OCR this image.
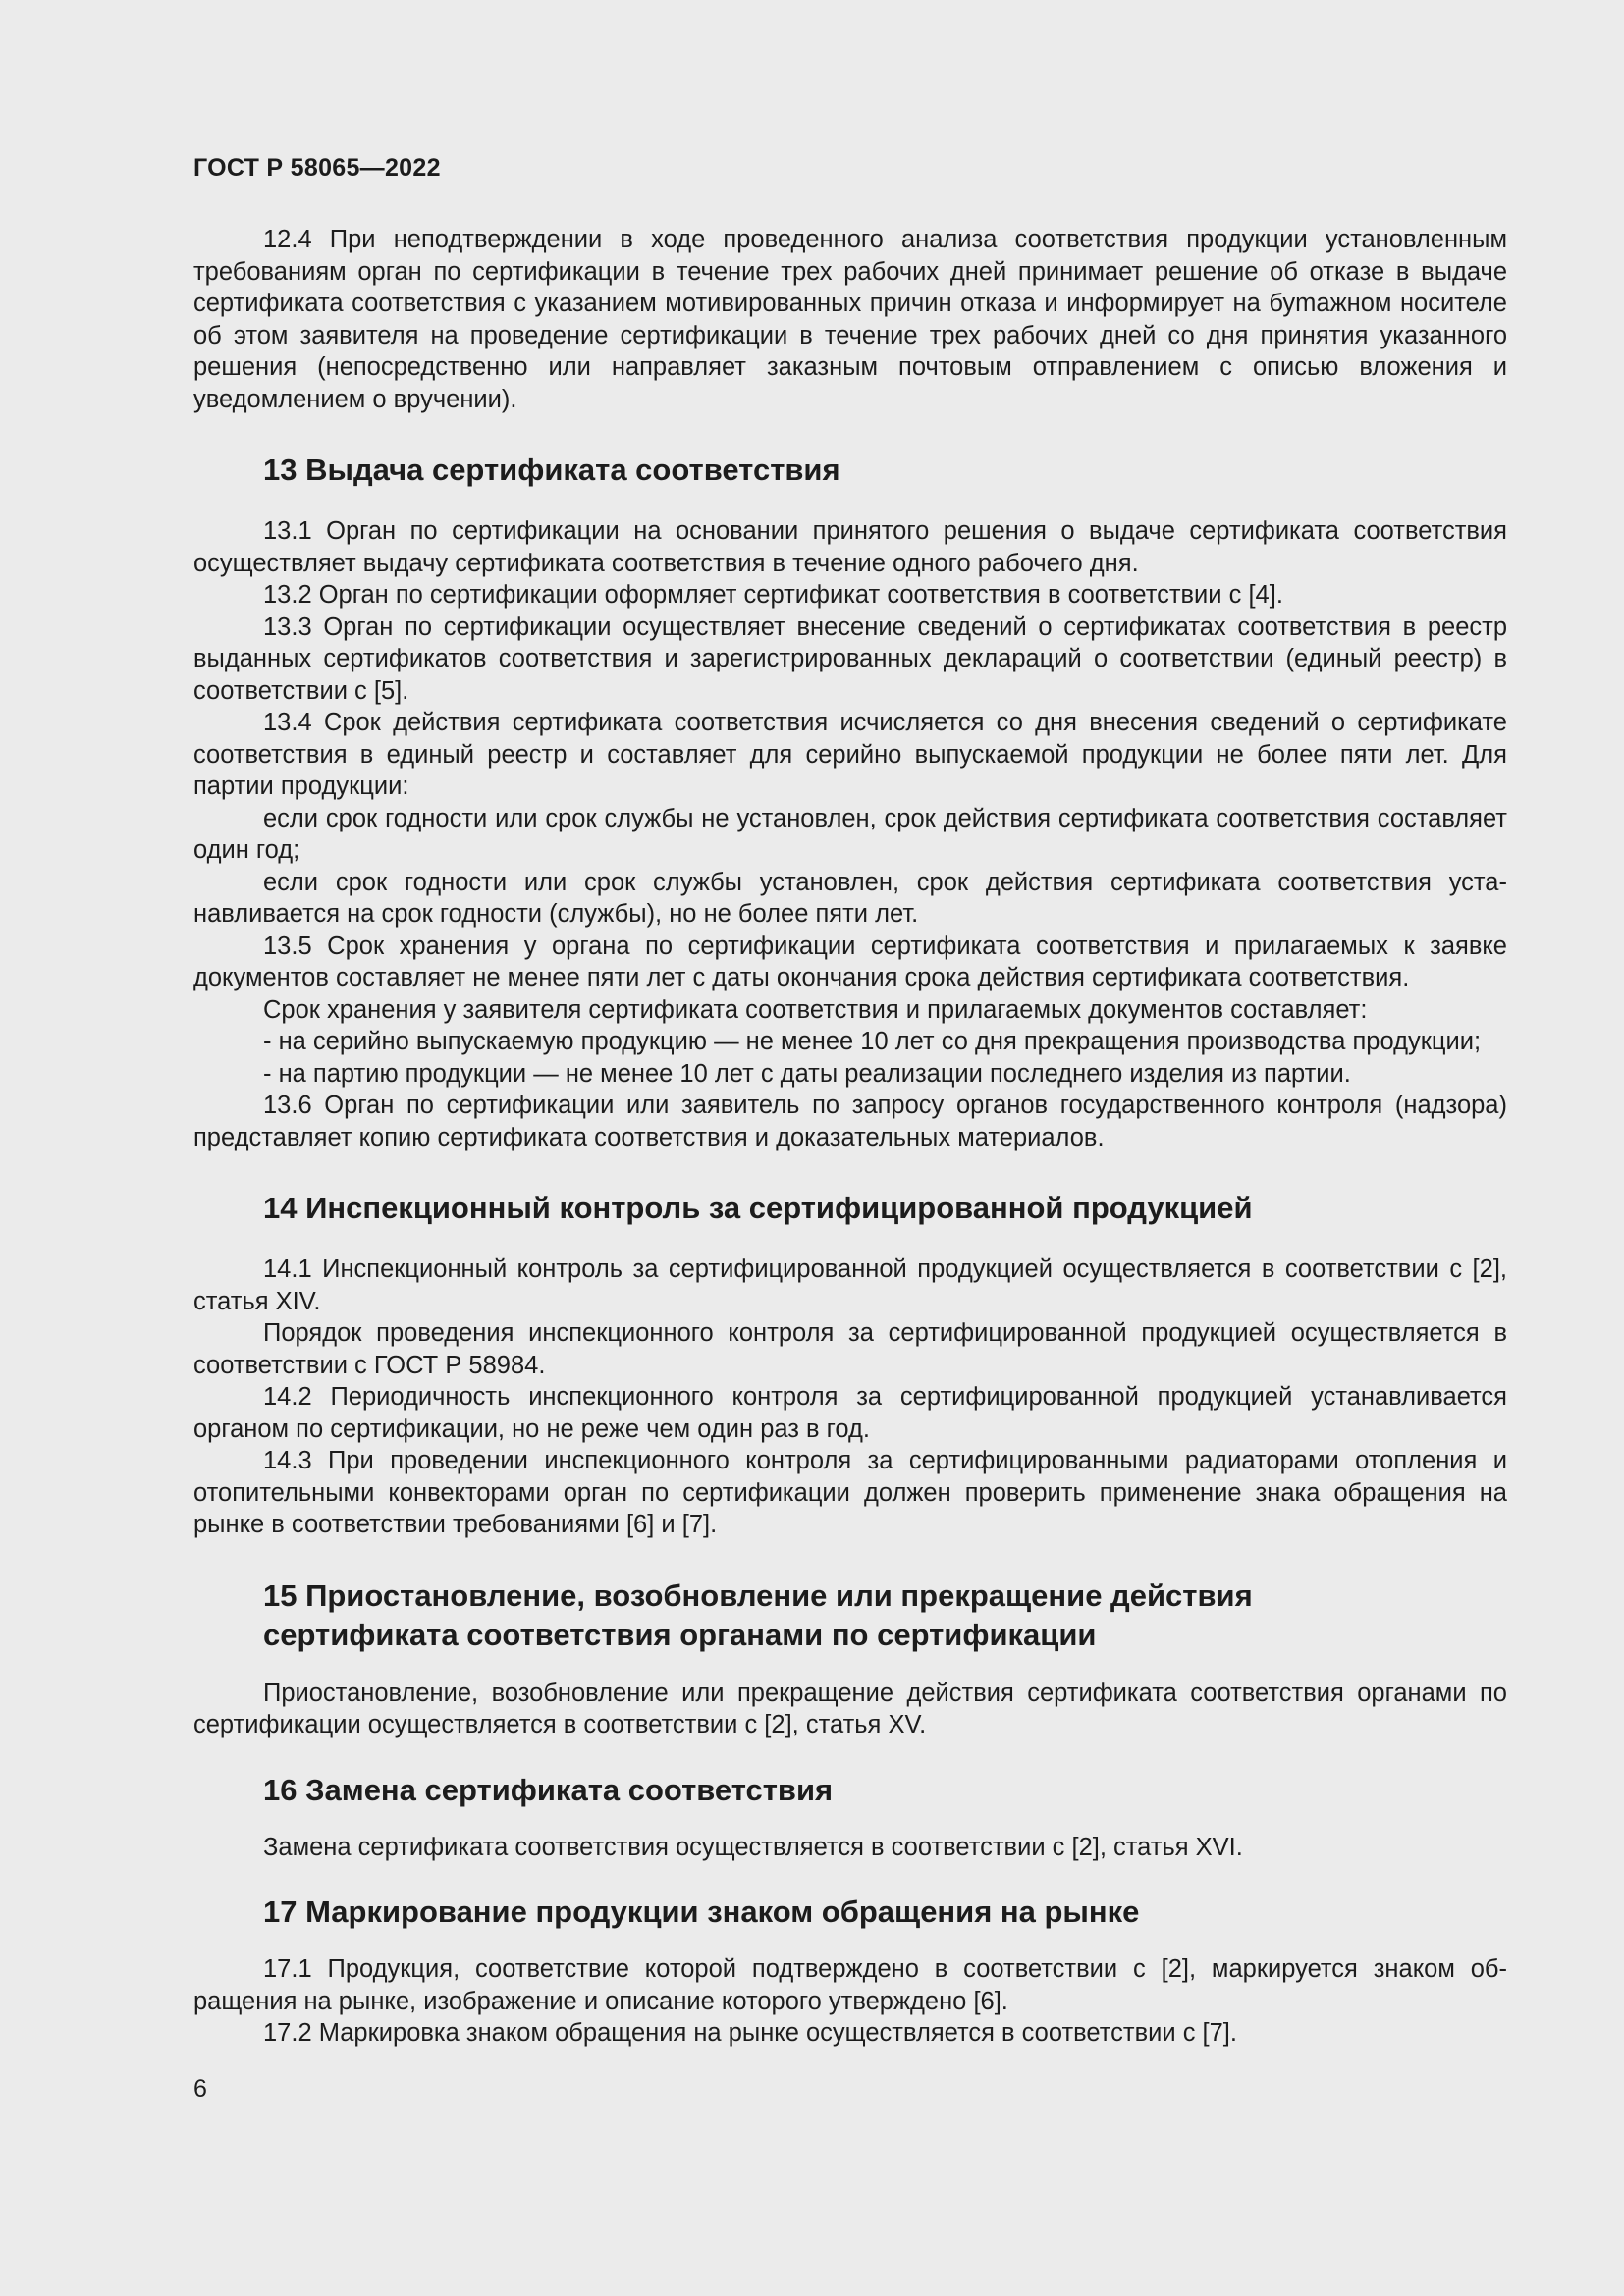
ГОСТ Р 58065—2022

12.4 При неподтверждении в ходе проведенного анализа соответствия продукции установленным требованиям орган по сертификации в течение трех рабочих дней принимает решение об отказе в выдаче сертификата соответствия с указанием мотивированных причин отказа и информирует на буmажном носителе об этом заявителя на проведение сертификации в течение трех рабочих дней со дня принятия указанного решения (непосредственно или направляет заказным почтовым отправлением с описью вложения и уведомлением о вручении).

13 Выдача сертификата соответствия

13.1 Орган по сертификации на основании принятого решения о выдаче сертификата соответствия осуществляет выдачу сертификата соответствия в течение одного рабочего дня.

13.2 Орган по сертификации оформляет сертификат соответствия в соответствии с [4].

13.3 Орган по сертификации осуществляет внесение сведений о сертификатах соответствия в реестр выданных сертификатов соответствия и зарегистрированных деклараций о соответствии (единый реестр) в соответствии с [5].

13.4 Срок действия сертификата соответствия исчисляется со дня внесения сведений о сертификате соответствия в единый реестр и составляет для серийно выпускаемой продукции не более пяти лет. Для партии продукции:

если срок годности или срок службы не установлен, срок действия сертификата соответствия составляет один год;

если срок годности или срок службы установлен, срок действия сертификата соответствия устанавливается на срок годности (службы), но не более пяти лет.

13.5 Срок хранения у органа по сертификации сертификата соответствия и прилагаемых к заявке документов составляет не менее пяти лет с даты окончания срока действия сертификата соответствия.

Срок хранения у заявителя сертификата соответствия и прилагаемых документов составляет:

- на серийно выпускаемую продукцию — не менее 10 лет со дня прекращения производства продукции;

- на партию продукции — не менее 10 лет с даты реализации последнего изделия из партии.

13.6 Орган по сертификации или заявитель по запросу органов государственного контроля (надзора) представляет копию сертификата соответствия и доказательных материалов.

14 Инспекционный контроль за сертифицированной продукцией

14.1 Инспекционный контроль за сертифицированной продукцией осуществляется в соответствии с [2], статья XIV.

Порядок проведения инспекционного контроля за сертифицированной продукцией осуществляется в соответствии с ГОСТ Р 58984.

14.2 Периодичность инспекционного контроля за сертифицированной продукцией устанавливается органом по сертификации, но не реже чем один раз в год.

14.3 При проведении инспекционного контроля за сертифицированными радиаторами отопления и отопительными конвекторами орган по сертификации должен проверить применение знака обращения на рынке в соответствии требованиями [6] и [7].

15 Приостановление, возобновление или прекращение действия
сертификата соответствия органами по сертификации

Приостановление, возобновление или прекращение действия сертификата соответствия органами по сертификации осуществляется в соответствии с [2], статья XV.

16 Замена сертификата соответствия

Замена сертификата соответствия осуществляется в соответствии с [2], статья XVI.

17 Маркирование продукции знаком обращения на рынке

17.1 Продукция, соответствие которой подтверждено в соответствии с [2], маркируется знаком обращения на рынке, изображение и описание которого утверждено [6].

17.2 Маркировка знаком обращения на рынке осуществляется в соответствии с [7].

6
